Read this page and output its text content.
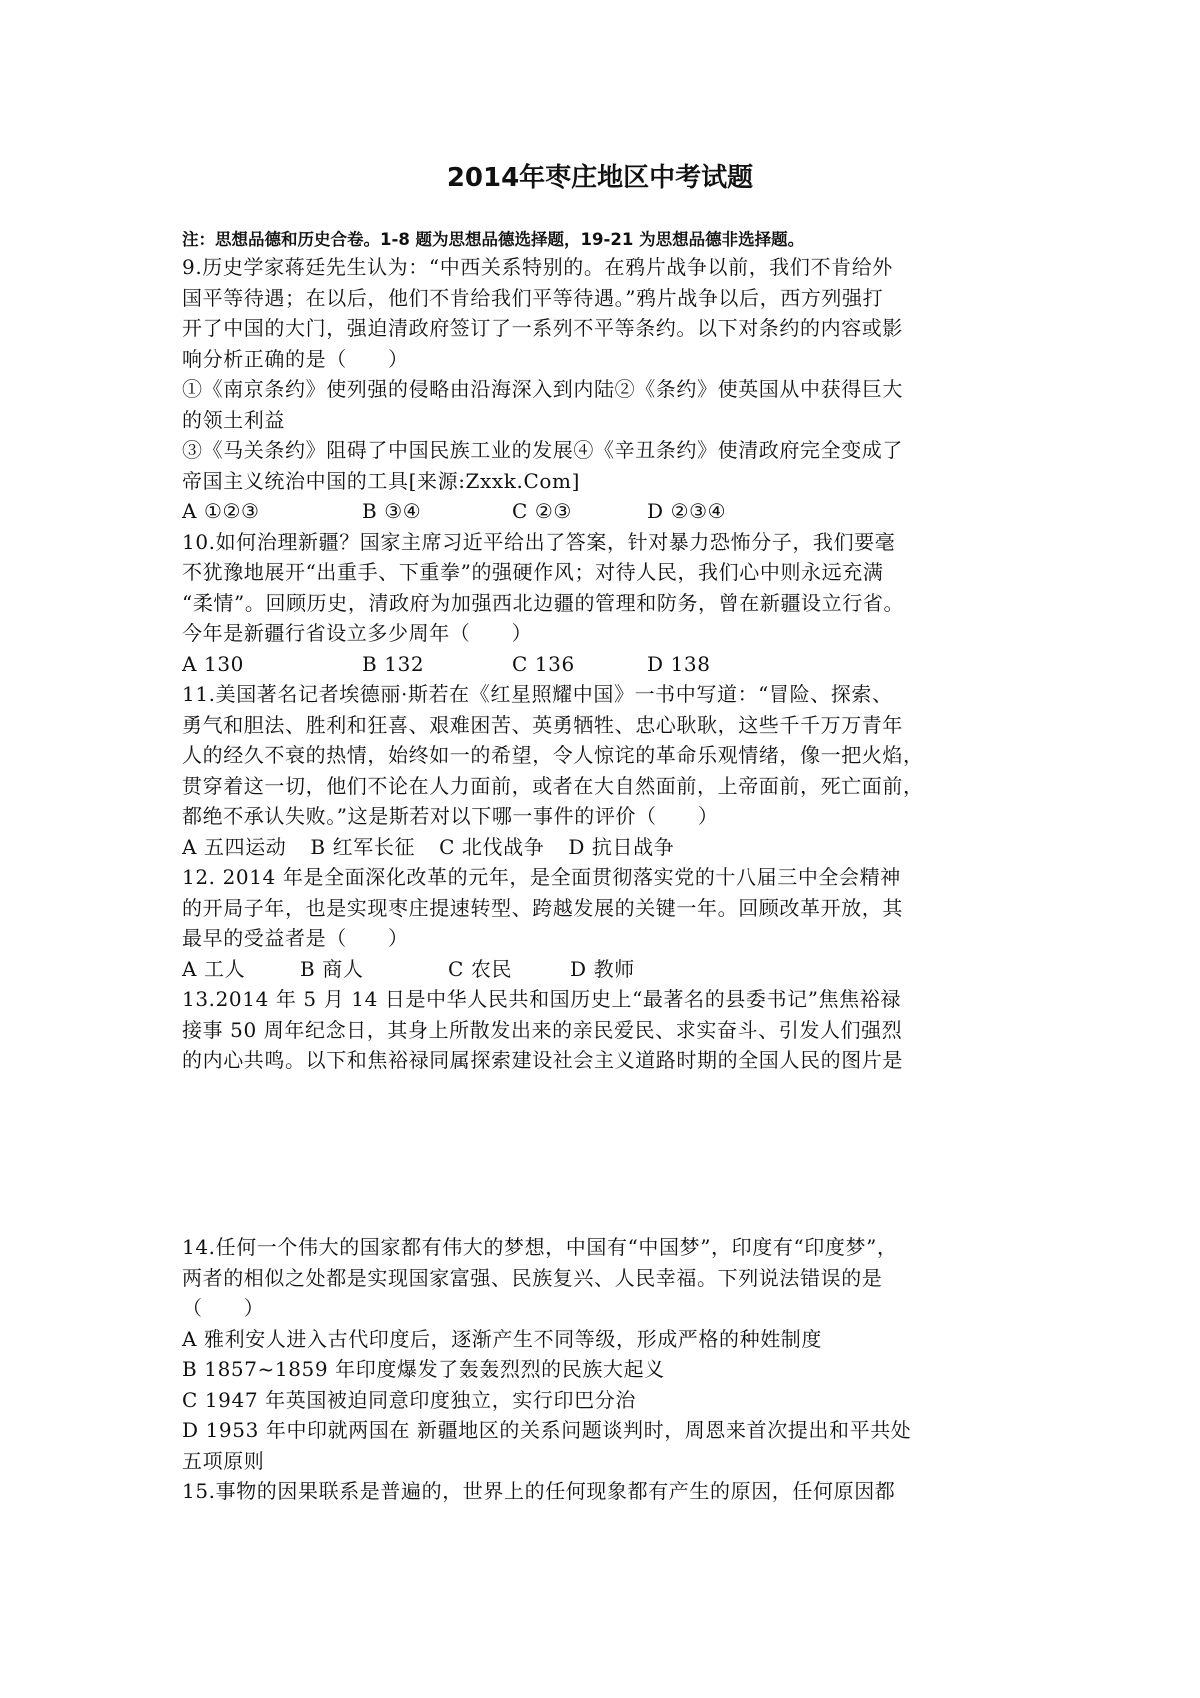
2014年枣庄地区中考试题
注：思想品德和历史合卷。1-8 题为思想品德选择题，19-21 为思想品德非选择题。
9.历史学家蒋廷先生认为：“中西关系特别的。在鸦片战争以前，我们不肯给外
国平等待遇；在以后，他们不肯给我们平等待遇。”鸦片战争以后，西方列强打
开了中国的大门，强迫清政府签订了一系列不平等条约。以下对条约的内容或影
响分析正确的是（　　）
①《南京条约》使列强的侵略由沿海深入到内陆②《条约》使英国从中获得巨大
的领土利益
③《马关条约》阻碍了中国民族工业的发展④《辛丑条约》使清政府完全变成了
帝国主义统治中国的工具[来源:Zxxk.Com]
A ①②③	B ③④	C ②③	D ②③④
10.如何治理新疆？国家主席习近平给出了答案，针对暴力恐怖分子，我们要毫
不犹豫地展开“出重手、下重拳”的强硬作风；对待人民，我们心中则永远充满
“柔情”。回顾历史，清政府为加强西北边疆的管理和防务，曾在新疆设立行省。
今年是新疆行省设立多少周年（　　）
A 130	B 132	C 136	D 138
11.美国著名记者埃德丽·斯若在《红星照耀中国》一书中写道：“冒险、探索、
勇气和胆法、胜利和狂喜、艰难困苦、英勇牺牲、忠心耿耿，这些千千万万青年
人的经久不衰的热情，始终如一的希望，令人惊诧的革命乐观情绪，像一把火焰，
贯穿着这一切，他们不论在人力面前，或者在大自然面前，上帝面前，死亡面前，
都绝不承认失败。”这是斯若对以下哪一事件的评价（　　）
A 五四运动 B 红军长征 C 北伐战争 D 抗日战争
12. 2014 年是全面深化改革的元年，是全面贯彻落实党的十八届三中全会精神
的开局子年，也是实现枣庄提速转型、跨越发展的关键一年。回顾改革开放，其
最早的受益者是（　　）
A 工人	B 商人	C 农民	D 教师
13.2014 年 5 月 14 日是中华人民共和国历史上“最著名的县委书记”焦焦裕禄
接事 50 周年纪念日，其身上所散发出来的亲民爱民、求实奋斗、引发人们强烈
的内心共鸣。以下和焦裕禄同属探索建设社会主义道路时期的全国人民的图片是
14.任何一个伟大的国家都有伟大的梦想，中国有“中国梦”，印度有“印度梦”，
两者的相似之处都是实现国家富强、民族复兴、人民幸福。下列说法错误的是
（　　）
A 雅利安人进入古代印度后，逐渐产生不同等级，形成严格的种姓制度
B 1857~1859 年印度爆发了轰轰烈烈的民族大起义
C 1947 年英国被迫同意印度独立，实行印巴分治
D 1953 年中印就两国在 新疆地区的关系问题谈判时，周恩来首次提出和平共处
五项原则
15.事物的因果联系是普遍的，世界上的任何现象都有产生的原因，任何原因都
